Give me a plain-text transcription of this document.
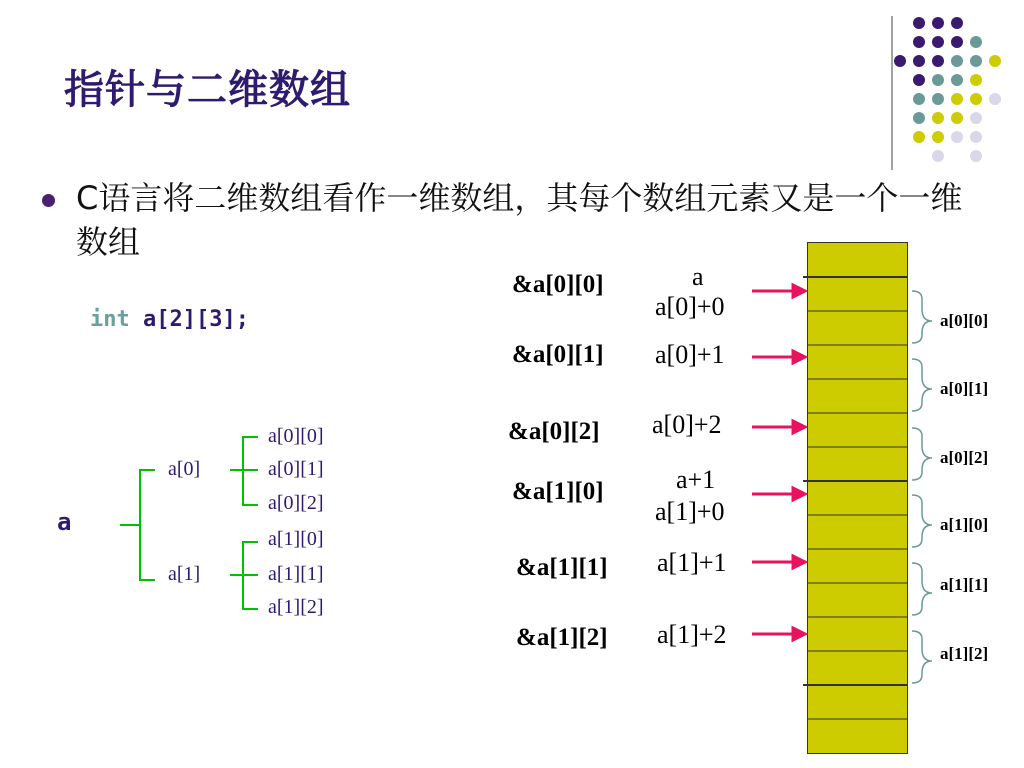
指针与二维数组
C语言将二维数组看作一维数组，其每个数组元素又是一个一维数组
int a[2][3];
a
a[0]
a[1]
a[0][0]
a[0][1]
a[0][2]
a[1][0]
a[1][1]
a[1][2]
&a[0][0]
&a[0][1]
&a[0][2]
&a[1][0]
&a[1][1]
&a[1][2]
a
a[0]+0
a[0]+1
a[0]+2
a+1
a[1]+0
a[1]+1
a[1]+2
a[0][0]
a[0][1]
a[0][2]
a[1][0]
a[1][1]
a[1][2]
